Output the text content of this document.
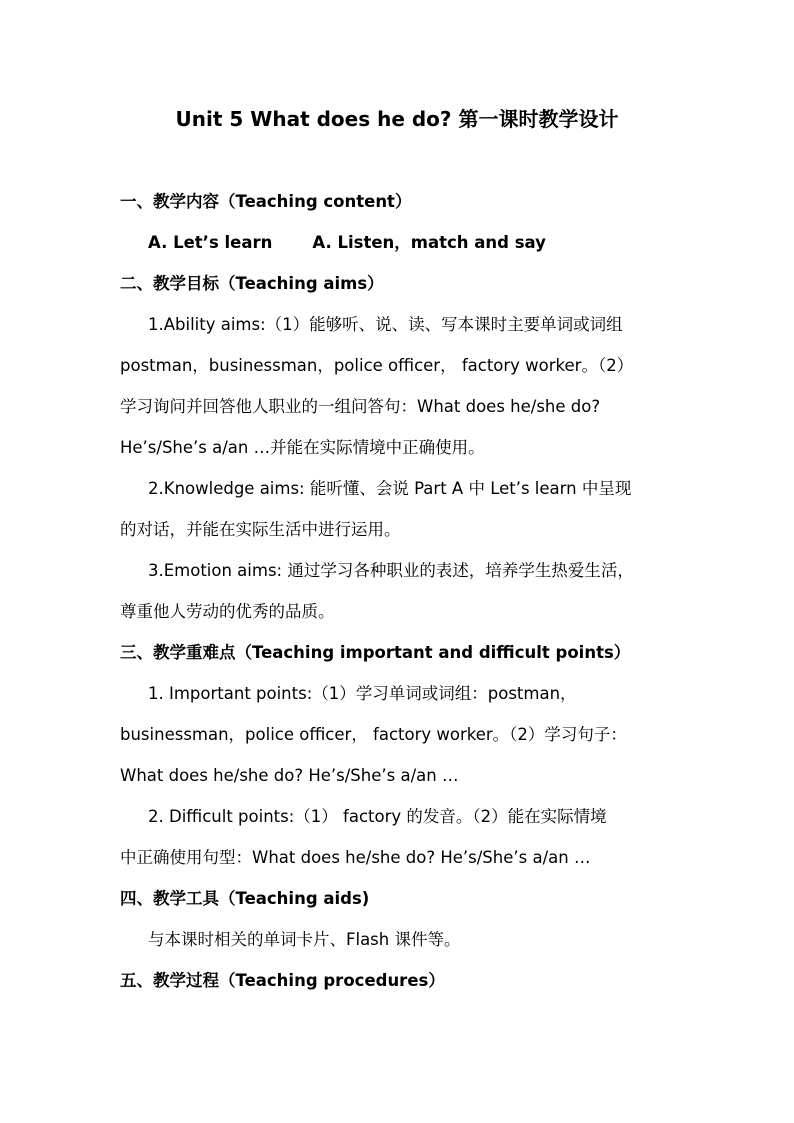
Unit 5 What does he do? 第一课时教学设计
一、教学内容（Teaching content）
A. Let’s learn A. Listen，match and say
二、教学目标（Teaching aims）
1.Ability aims:（1）能够听、说、读、写本课时主要单词或词组
postman，businessman，police officer， factory worker。（2）
学习询问并回答他人职业的一组问答句：What does he/she do?
He’s/She’s a/an …并能在实际情境中正确使用。
2.Knowledge aims: 能听懂、会说 Part A 中 Let’s learn 中呈现
的对话，并能在实际生活中进行运用。
3.Emotion aims: 通过学习各种职业的表述，培养学生热爱生活，
尊重他人劳动的优秀的品质。
三、教学重难点（Teaching important and difficult points）
1. Important points:（1）学习单词或词组：postman，
businessman，police officer， factory worker。（2）学习句子：
What does he/she do? He’s/She’s a/an …
2. Difficult points:（1） factory 的发音。（2）能在实际情境
中正确使用句型：What does he/she do? He’s/She’s a/an …
四、教学工具（Teaching aids)
与本课时相关的单词卡片、Flash 课件等。
五、教学过程（Teaching procedures）
